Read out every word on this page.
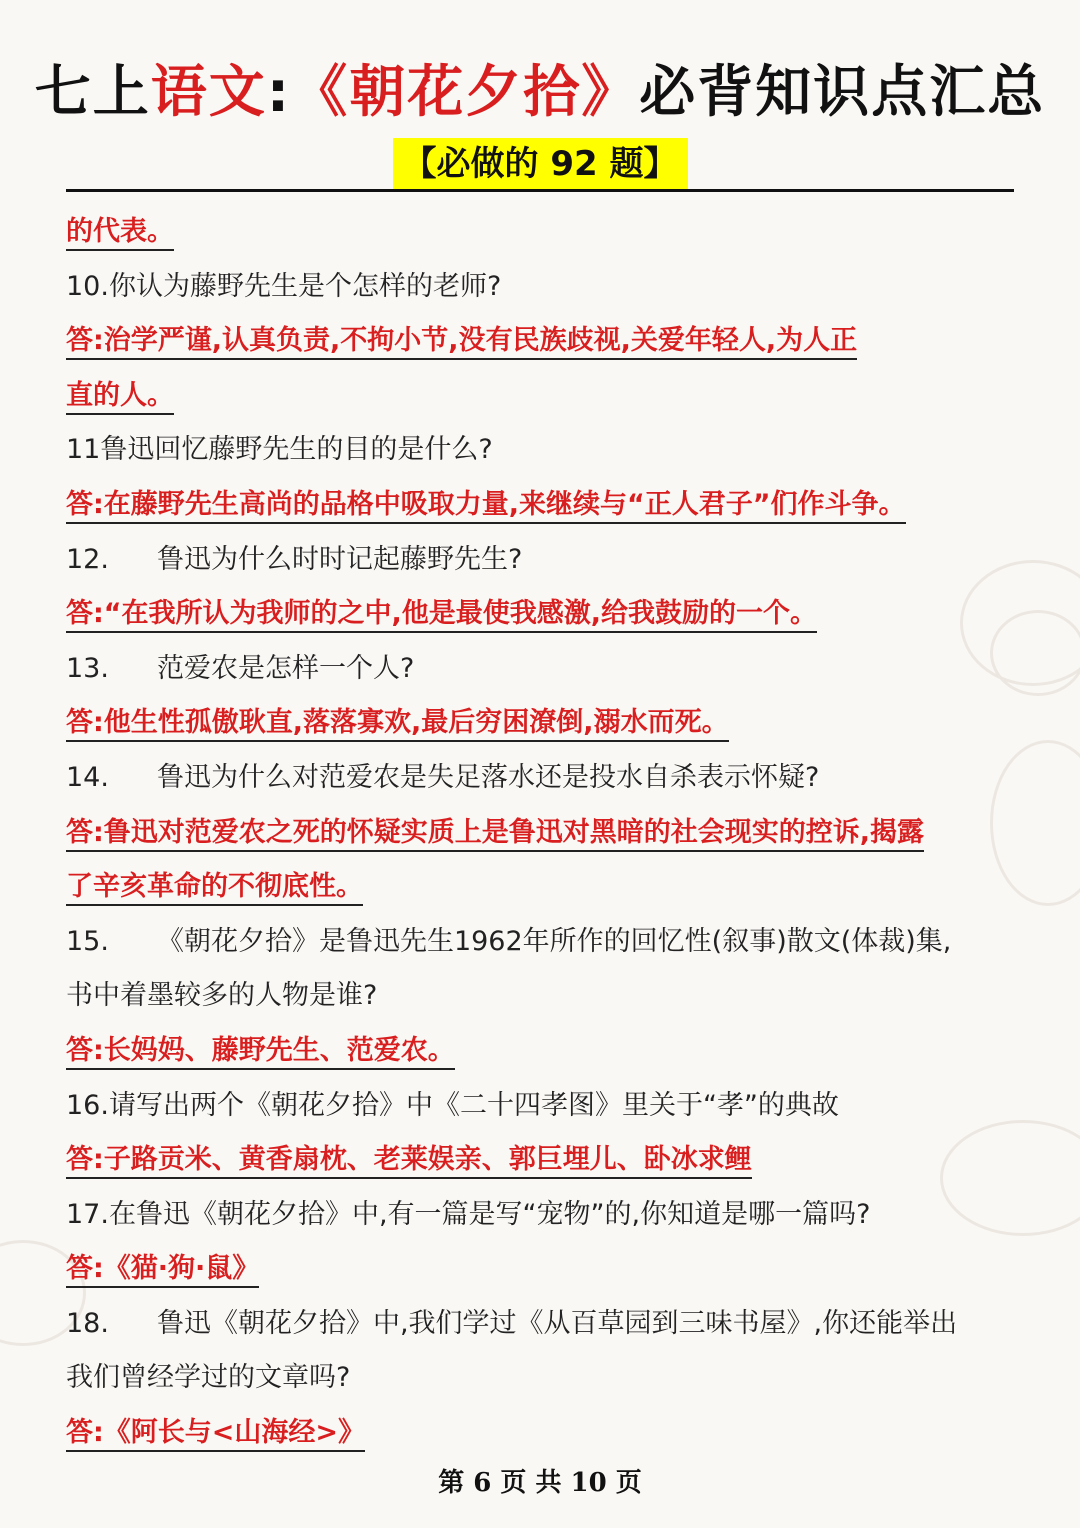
七上语文:《朝花夕拾》必背知识点汇总
【必做的 92 题】
的代表。
10.你认为藤野先生是个怎样的老师?
答:治学严谨,认真负责,不拘小节,没有民族歧视,关爱年轻人,为人正
直的人。
11鲁迅回忆藤野先生的目的是什么?
答:在藤野先生高尚的品格中吸取力量,来继续与“正人君子”们作斗争。
12. 鲁迅为什么时时记起藤野先生?
答:“在我所认为我师的之中,他是最使我感激,给我鼓励的一个。
13. 范爱农是怎样一个人?
答:他生性孤傲耿直,落落寡欢,最后穷困潦倒,溺水而死。
14. 鲁迅为什么对范爱农是失足落水还是投水自杀表示怀疑?
答:鲁迅对范爱农之死的怀疑实质上是鲁迅对黑暗的社会现实的控诉,揭露
了辛亥革命的不彻底性。
15. 《朝花夕拾》是鲁迅先生1962年所作的回忆性(叙事)散文(体裁)集,
书中着墨较多的人物是谁?
答:长妈妈、藤野先生、范爱农。
16.请写出两个《朝花夕拾》中《二十四孝图》里关于“孝”的典故
答:子路贡米、黄香扇枕、老莱娱亲、郭巨埋儿、卧冰求鲤
17.在鲁迅《朝花夕拾》中,有一篇是写“宠物”的,你知道是哪一篇吗?
答:《猫·狗·鼠》
18. 鲁迅《朝花夕拾》中,我们学过《从百草园到三味书屋》,你还能举出
我们曾经学过的文章吗?
答:《阿长与<山海经>》
第 6 页 共 10 页
